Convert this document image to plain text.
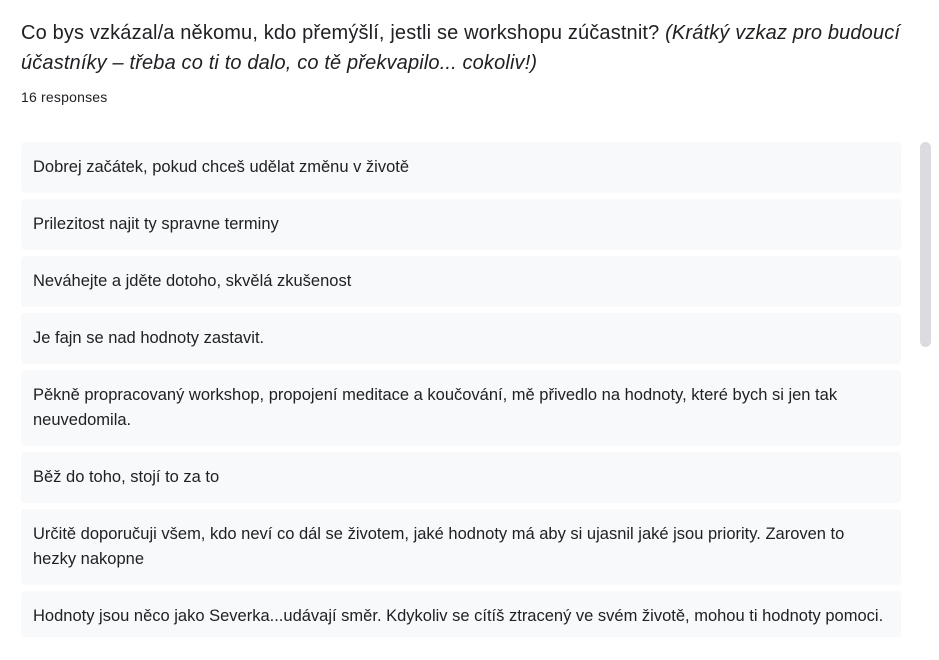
Co bys vzkázal/a někomu, kdo přemýšlí, jestli se workshopu zúčastnit? (Krátký vzkaz pro budoucí účastníky – třeba co ti to dalo, co tě překvapilo... cokoliv!)
16 responses
Dobrej začátek, pokud chceš udělat změnu v životě
Prilezitost najit ty spravne terminy
Neváhejte a jděte dotoho, skvělá zkušenost
Je fajn se nad hodnoty zastavit.
Pěkně propracovaný workshop, propojení meditace a koučování, mě přivedlo na hodnoty, které bych si jen tak neuvedomila.
Běž do toho, stojí to za to
Určitě doporučuji všem, kdo neví co dál se životem, jaké hodnoty má aby si ujasnil jaké jsou priority. Zaroven to hezky nakopne
Hodnoty jsou něco jako Severka...udávají směr. Kdykoliv se cítíš ztracený ve svém životě, mohou ti hodnoty pomoci.
